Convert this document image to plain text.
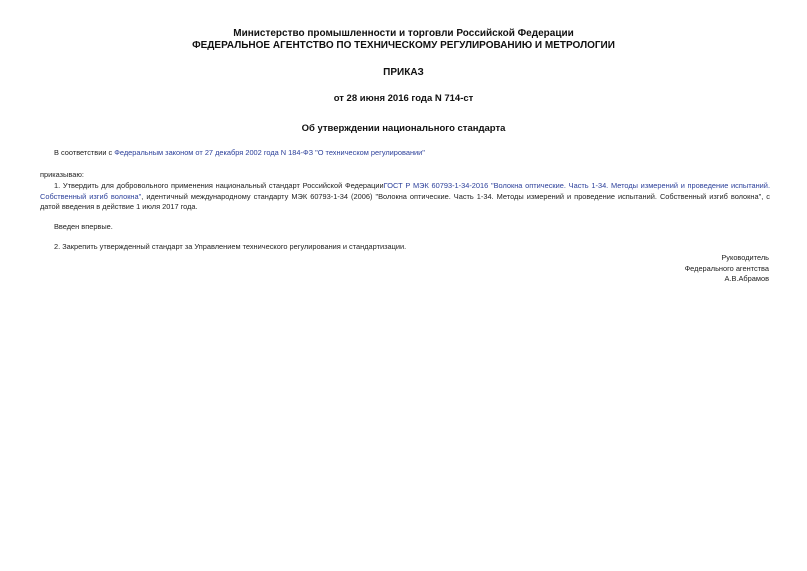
Министерство промышленности и торговли Российской Федерации
ФЕДЕРАЛЬНОЕ АГЕНТСТВО ПО ТЕХНИЧЕСКОМУ РЕГУЛИРОВАНИЮ И МЕТРОЛОГИИ
ПРИКАЗ
от 28 июня 2016 года N 714-ст
Об утверждении национального стандарта
В соответствии с Федеральным законом от 27 декабря 2002 года N 184-ФЗ "О техническом регулировании"
приказываю:
1. Утвердить для добровольного применения национальный стандарт Российской ФедерацииГОСТ Р МЭК 60793-1-34-2016 "Волокна оптические. Часть 1-34. Методы измерений и проведение испытаний. Собственный изгиб волокна", идентичный международному стандарту МЭК 60793-1-34 (2006) "Волокна оптические. Часть 1-34. Методы измерений и проведение испытаний. Собственный изгиб волокна", с датой введения в действие 1 июля 2017 года.
Введен впервые.
2. Закрепить утвержденный стандарт за Управлением технического регулирования и стандартизации.
Руководитель
Федерального агентства
А.В.Абрамов
